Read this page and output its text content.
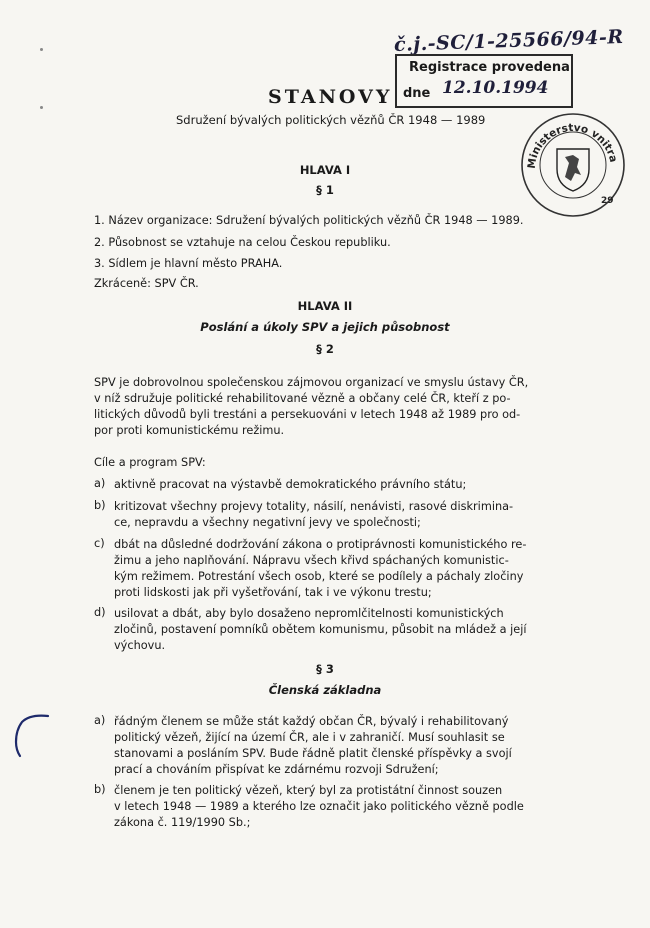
č.j.-SC/1-25566/94-R
Registrace provedena
dne 12.10.1994
Ministerstvo vnitra
29
STANOVY
Sdružení bývalých politických vězňů ČR 1948 — 1989
HLAVA I
§ 1
1. Název organizace: Sdružení bývalých politických vězňů ČR 1948 — 1989.
2. Působnost se vztahuje na celou Českou republiku.
3. Sídlem je hlavní město PRAHA.
Zkráceně: SPV ČR.
HLAVA II
Poslání a úkoly SPV a jejich působnost
§ 2
SPV je dobrovolnou společenskou zájmovou organizací ve smyslu ústavy ČR,
v níž sdružuje politické rehabilitované vězně a občany celé ČR, kteří z po-
litických důvodů byli trestáni a persekuováni v letech 1948 až 1989 pro od-
por proti komunistickému režimu.
Cíle a program SPV:
a) aktivně pracovat na výstavbě demokratického právního státu;
b) kritizovat všechny projevy totality, násilí, nenávisti, rasové diskrimina-
ce, nepravdu a všechny negativní jevy ve společnosti;
c) dbát na důsledné dodržování zákona o protiprávnosti komunistického re-
žimu a jeho naplňování. Nápravu všech křivd spáchaných komunistic-
kým režimem. Potrestání všech osob, které se podílely a páchaly zločiny
proti lidskosti jak při vyšetřování, tak i ve výkonu trestu;
d) usilovat a dbát, aby bylo dosaženo nepromlčitelnosti komunistických
zločinů, postavení pomníků obětem komunismu, působit na mládež a její
výchovu.
§ 3
Členská základna
a) řádným členem se může stát každý občan ČR, bývalý i rehabilitovaný
politický vězeň, žijící na území ČR, ale i v zahraničí. Musí souhlasit se
stanovami a posláním SPV. Bude řádně platit členské příspěvky a svojí
prací a chováním přispívat ke zdárnému rozvoji Sdružení;
b) členem je ten politický vězeň, který byl za protistátní činnost souzen
v letech 1948 — 1989 a kterého lze označit jako politického vězně podle
zákona č. 119/1990 Sb.;
